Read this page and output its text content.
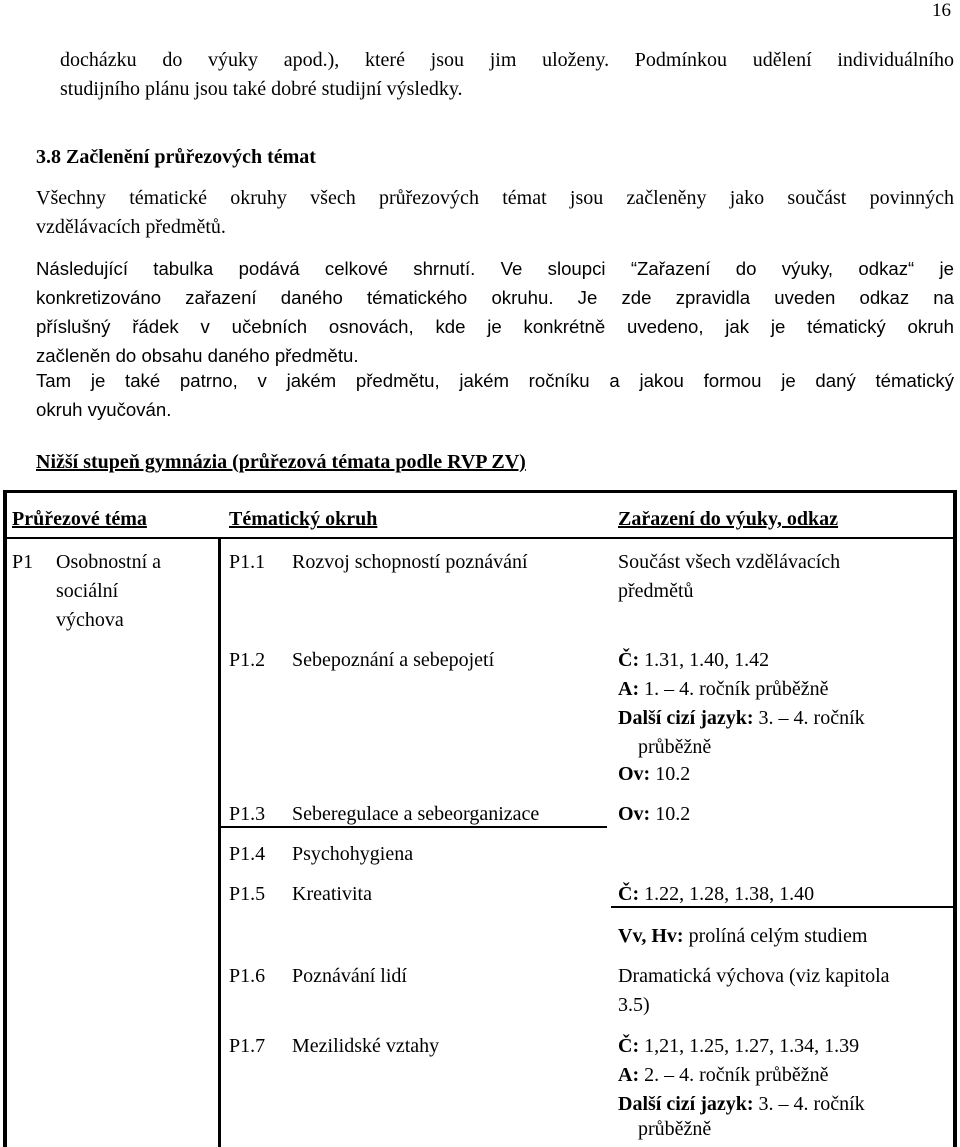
16
docházku do výuky apod.), které jsou jim uloženy. Podmínkou udělení individuálního
studijního plánu jsou také dobré studijní výsledky.
3.8 Začlenění průřezových témat
Všechny tématické okruhy všech průřezových témat jsou začleněny jako součást povinných
vzdělávacích předmětů.
Následující tabulka podává celkové shrnutí. Ve sloupci “Zařazení do výuky, odkaz“ je
konkretizováno zařazení daného tématického okruhu. Je zde zpravidla uveden odkaz na
příslušný řádek v učebních osnovách, kde je konkrétně uvedeno, jak je tématický okruh
začleněn do obsahu daného předmětu.
Tam je také patrno, v jakém předmětu, jakém ročníku a jakou formou je daný tématický
okruh vyučován.
Nižší stupeň gymnázia (průřezová témata podle RVP ZV)
Průřezové téma	Tématický okruh	Zařazení do výuky, odkaz
P1 Osobnostní a
sociální
výchova
P1.1 Rozvoj schopností poznávání	Součást všech vzdělávacích
předmětů
P1.2 Sebepoznání a sebepojetí	Č: 1.31, 1.40, 1.42
A: 1. – 4. ročník průběžně
Další cizí jazyk: 3. – 4. ročník
průběžně
Ov: 10.2
P1.3 Seberegulace a sebeorganizace	Ov: 10.2
P1.4 Psychohygiena
P1.5 Kreativita	Č: 1.22, 1.28, 1.38, 1.40
Vv, Hv: prolíná celým studiem
P1.6 Poznávání lidí	Dramatická výchova (viz kapitola
3.5)
P1.7 Mezilidské vztahy	Č: 1,21, 1.25, 1.27, 1.34, 1.39
A: 2. – 4. ročník průběžně
Další cizí jazyk: 3. – 4. ročník
průběžně
